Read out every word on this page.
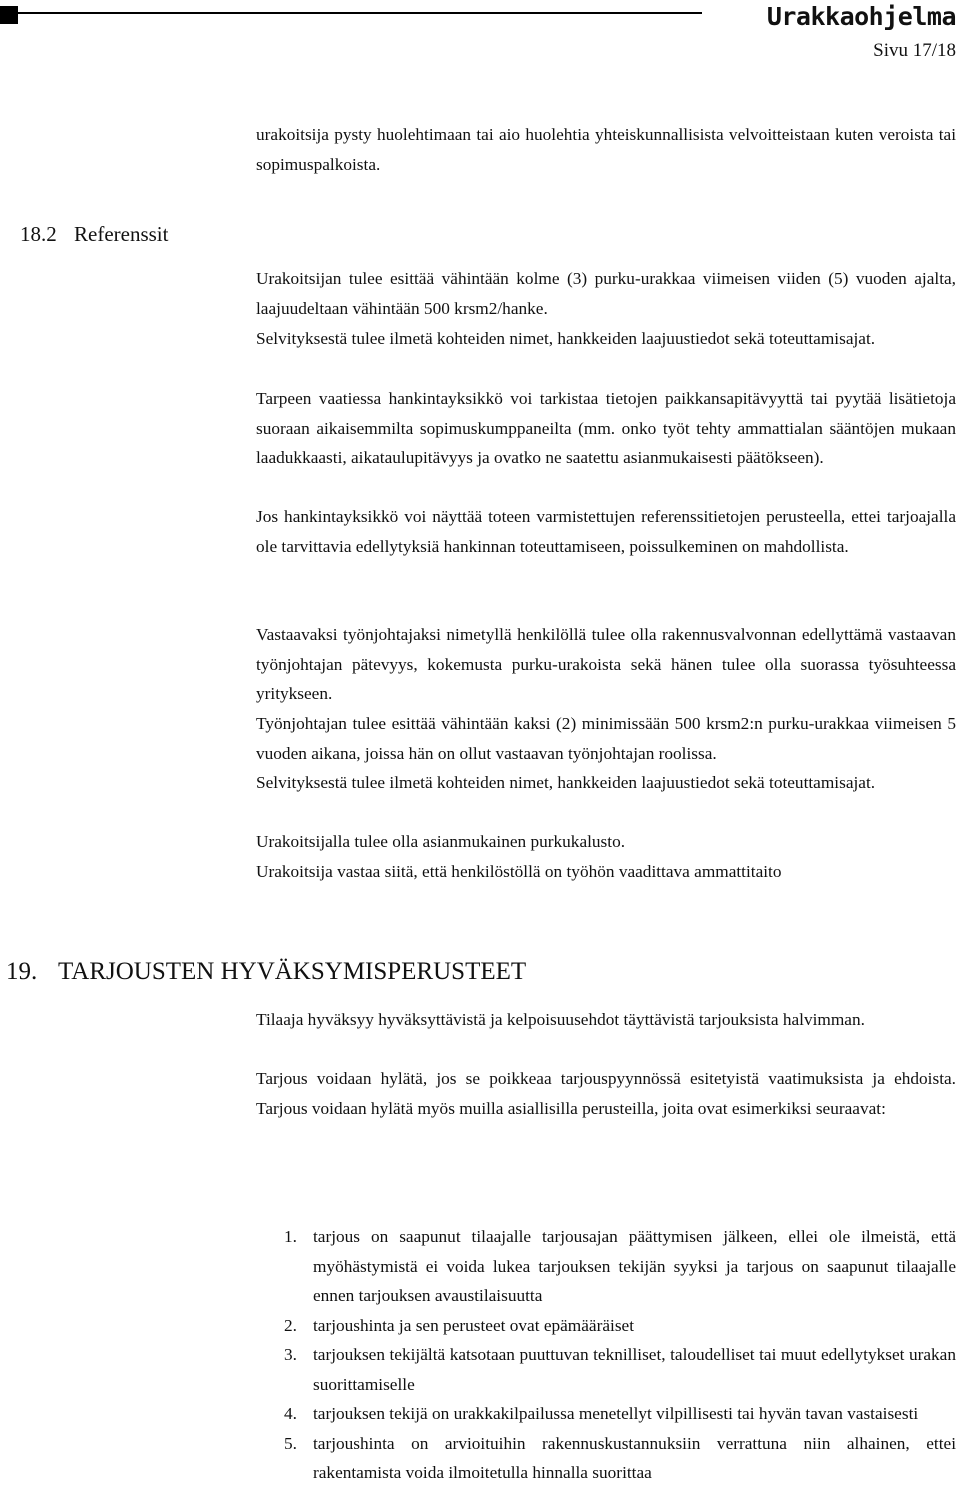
Urakkaohjelma
Sivu 17/18
urakoitsija pysty huolehtimaan tai aio huolehtia yhteiskunnallisista velvoitteistaan kuten veroista tai sopimuspalkoista.
18.2 Referenssit
Urakoitsijan tulee esittää vähintään kolme (3) purku-urakkaa viimeisen viiden (5) vuoden ajalta, laajuudeltaan vähintään 500 krsm2/hanke.
Selvityksestä tulee ilmetä kohteiden nimet, hankkeiden laajuustiedot sekä toteuttamisajat.
Tarpeen vaatiessa hankintayksikkö voi tarkistaa tietojen paikkansapitävyyttä tai pyytää lisätietoja suoraan aikaisemmilta sopimuskumppaneilta (mm. onko työt tehty ammattialan sääntöjen mukaan laadukkaasti, aikataulupitävyys ja ovatko ne saatettu asianmukaisesti päätökseen).
Jos hankintayksikkö voi näyttää toteen varmistettujen referenssitietojen perusteella, ettei tarjoajalla ole tarvittavia edellytyksiä hankinnan toteuttamiseen, poissulkeminen on mahdollista.
Vastaavaksi työnjohtajaksi nimetyllä henkilöllä tulee olla rakennusvalvonnan edellyttämä vastaavan työnjohtajan pätevyys, kokemusta purku-urakoista sekä hänen tulee olla suorassa työsuhteessa yritykseen.
Työnjohtajan tulee esittää vähintään kaksi (2) minimissään 500 krsm2:n purku-urakkaa viimeisen 5 vuoden aikana, joissa hän on ollut vastaavan työnjohtajan roolissa.
Selvityksestä tulee ilmetä kohteiden nimet, hankkeiden laajuustiedot sekä toteuttamisajat.
Urakoitsijalla tulee olla asianmukainen purkukalusto.
Urakoitsija vastaa siitä, että henkilöstöllä on työhön vaadittava ammattitaito
19. TARJOUSTEN HYVÄKSYMISPERUSTEET
Tilaaja hyväksyy hyväksyttävistä ja kelpoisuusehdot täyttävistä tarjouksista halvimman.
Tarjous voidaan hylätä, jos se poikkeaa tarjouspyynnössä esitetyistä vaatimuksista ja ehdoista. Tarjous voidaan hylätä myös muilla asiallisilla perusteilla, joita ovat esimerkiksi seuraavat:
1. tarjous on saapunut tilaajalle tarjousajan päättymisen jälkeen, ellei ole ilmeistä, että myöhästymistä ei voida lukea tarjouksen tekijän syyksi ja tarjous on saapunut tilaajalle ennen tarjouksen avaustilaisuutta
2. tarjoushinta ja sen perusteet ovat epämääräiset
3. tarjouksen tekijältä katsotaan puuttuvan teknilliset, taloudelliset tai muut edellytykset urakan suorittamiselle
4. tarjouksen tekijä on urakkakilpailussa menetellyt vilpillisesti tai hyvän tavan vastaisesti
5. tarjoushinta on arvioituihin rakennuskustannuksiin verrattuna niin alhainen, ettei rakentamista voida ilmoitetulla hinnalla suorittaa
